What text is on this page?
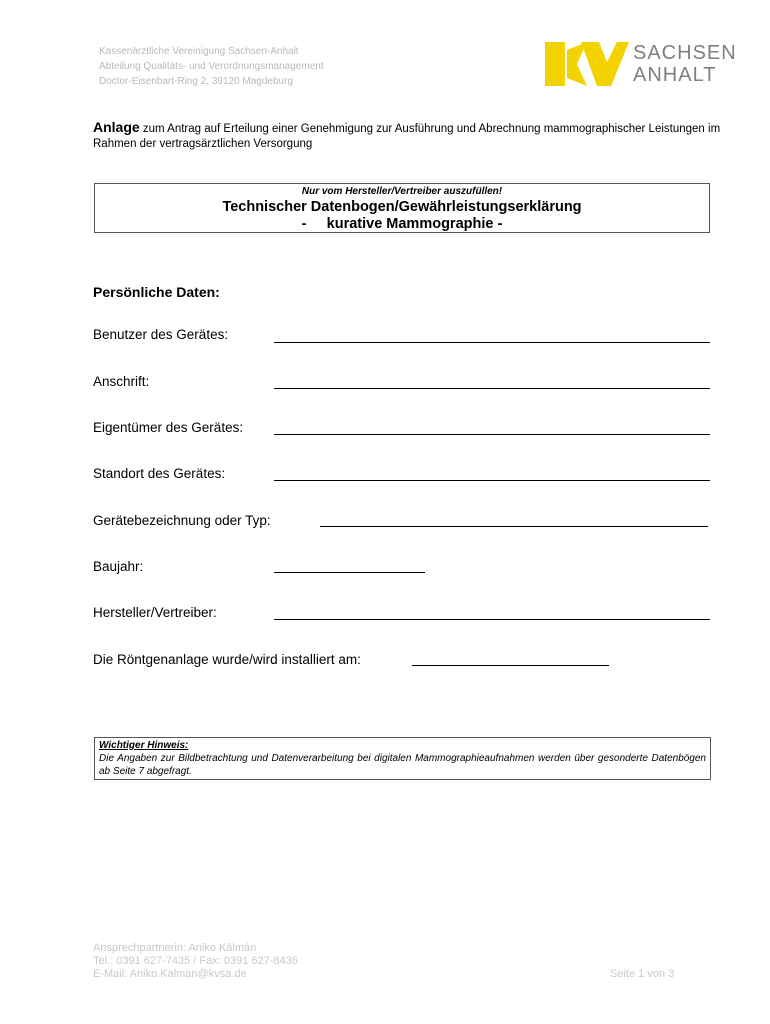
Kassenärztliche Vereinigung Sachsen-Anhalt
Abteilung Qualitäts- und Verordnungsmanagement
Doctor-Eisenbart-Ring 2, 39120 Magdeburg
SACHSEN
ANHALT
Anlage zum Antrag auf Erteilung einer Genehmigung zur Ausführung und Abrechnung mammographischer Leistungen im Rahmen der vertragsärztlichen Versorgung
Nur vom Hersteller/Vertreiber auszufüllen!
Technischer Datenbogen/Gewährleistungserklärung
-     kurative Mammographie -
Persönliche Daten:
Benutzer des Gerätes:
Anschrift:
Eigentümer des Gerätes:
Standort des Gerätes:
Gerätebezeichnung oder Typ:
Baujahr:
Hersteller/Vertreiber:
Die Röntgenanlage wurde/wird installiert am:
Wichtiger Hinweis:
Die Angaben zur Bildbetrachtung und Datenverarbeitung bei digitalen Mammographieaufnahmen werden über gesonderte Datenbögen ab Seite 7 abgefragt.
Ansprechpartnerin: Aniko Kálmán
Tel.: 0391 627-7435 / Fax: 0391 627-8436
E-Mail: Aniko.Kalman@kvsa.de	Seite 1 von 3
